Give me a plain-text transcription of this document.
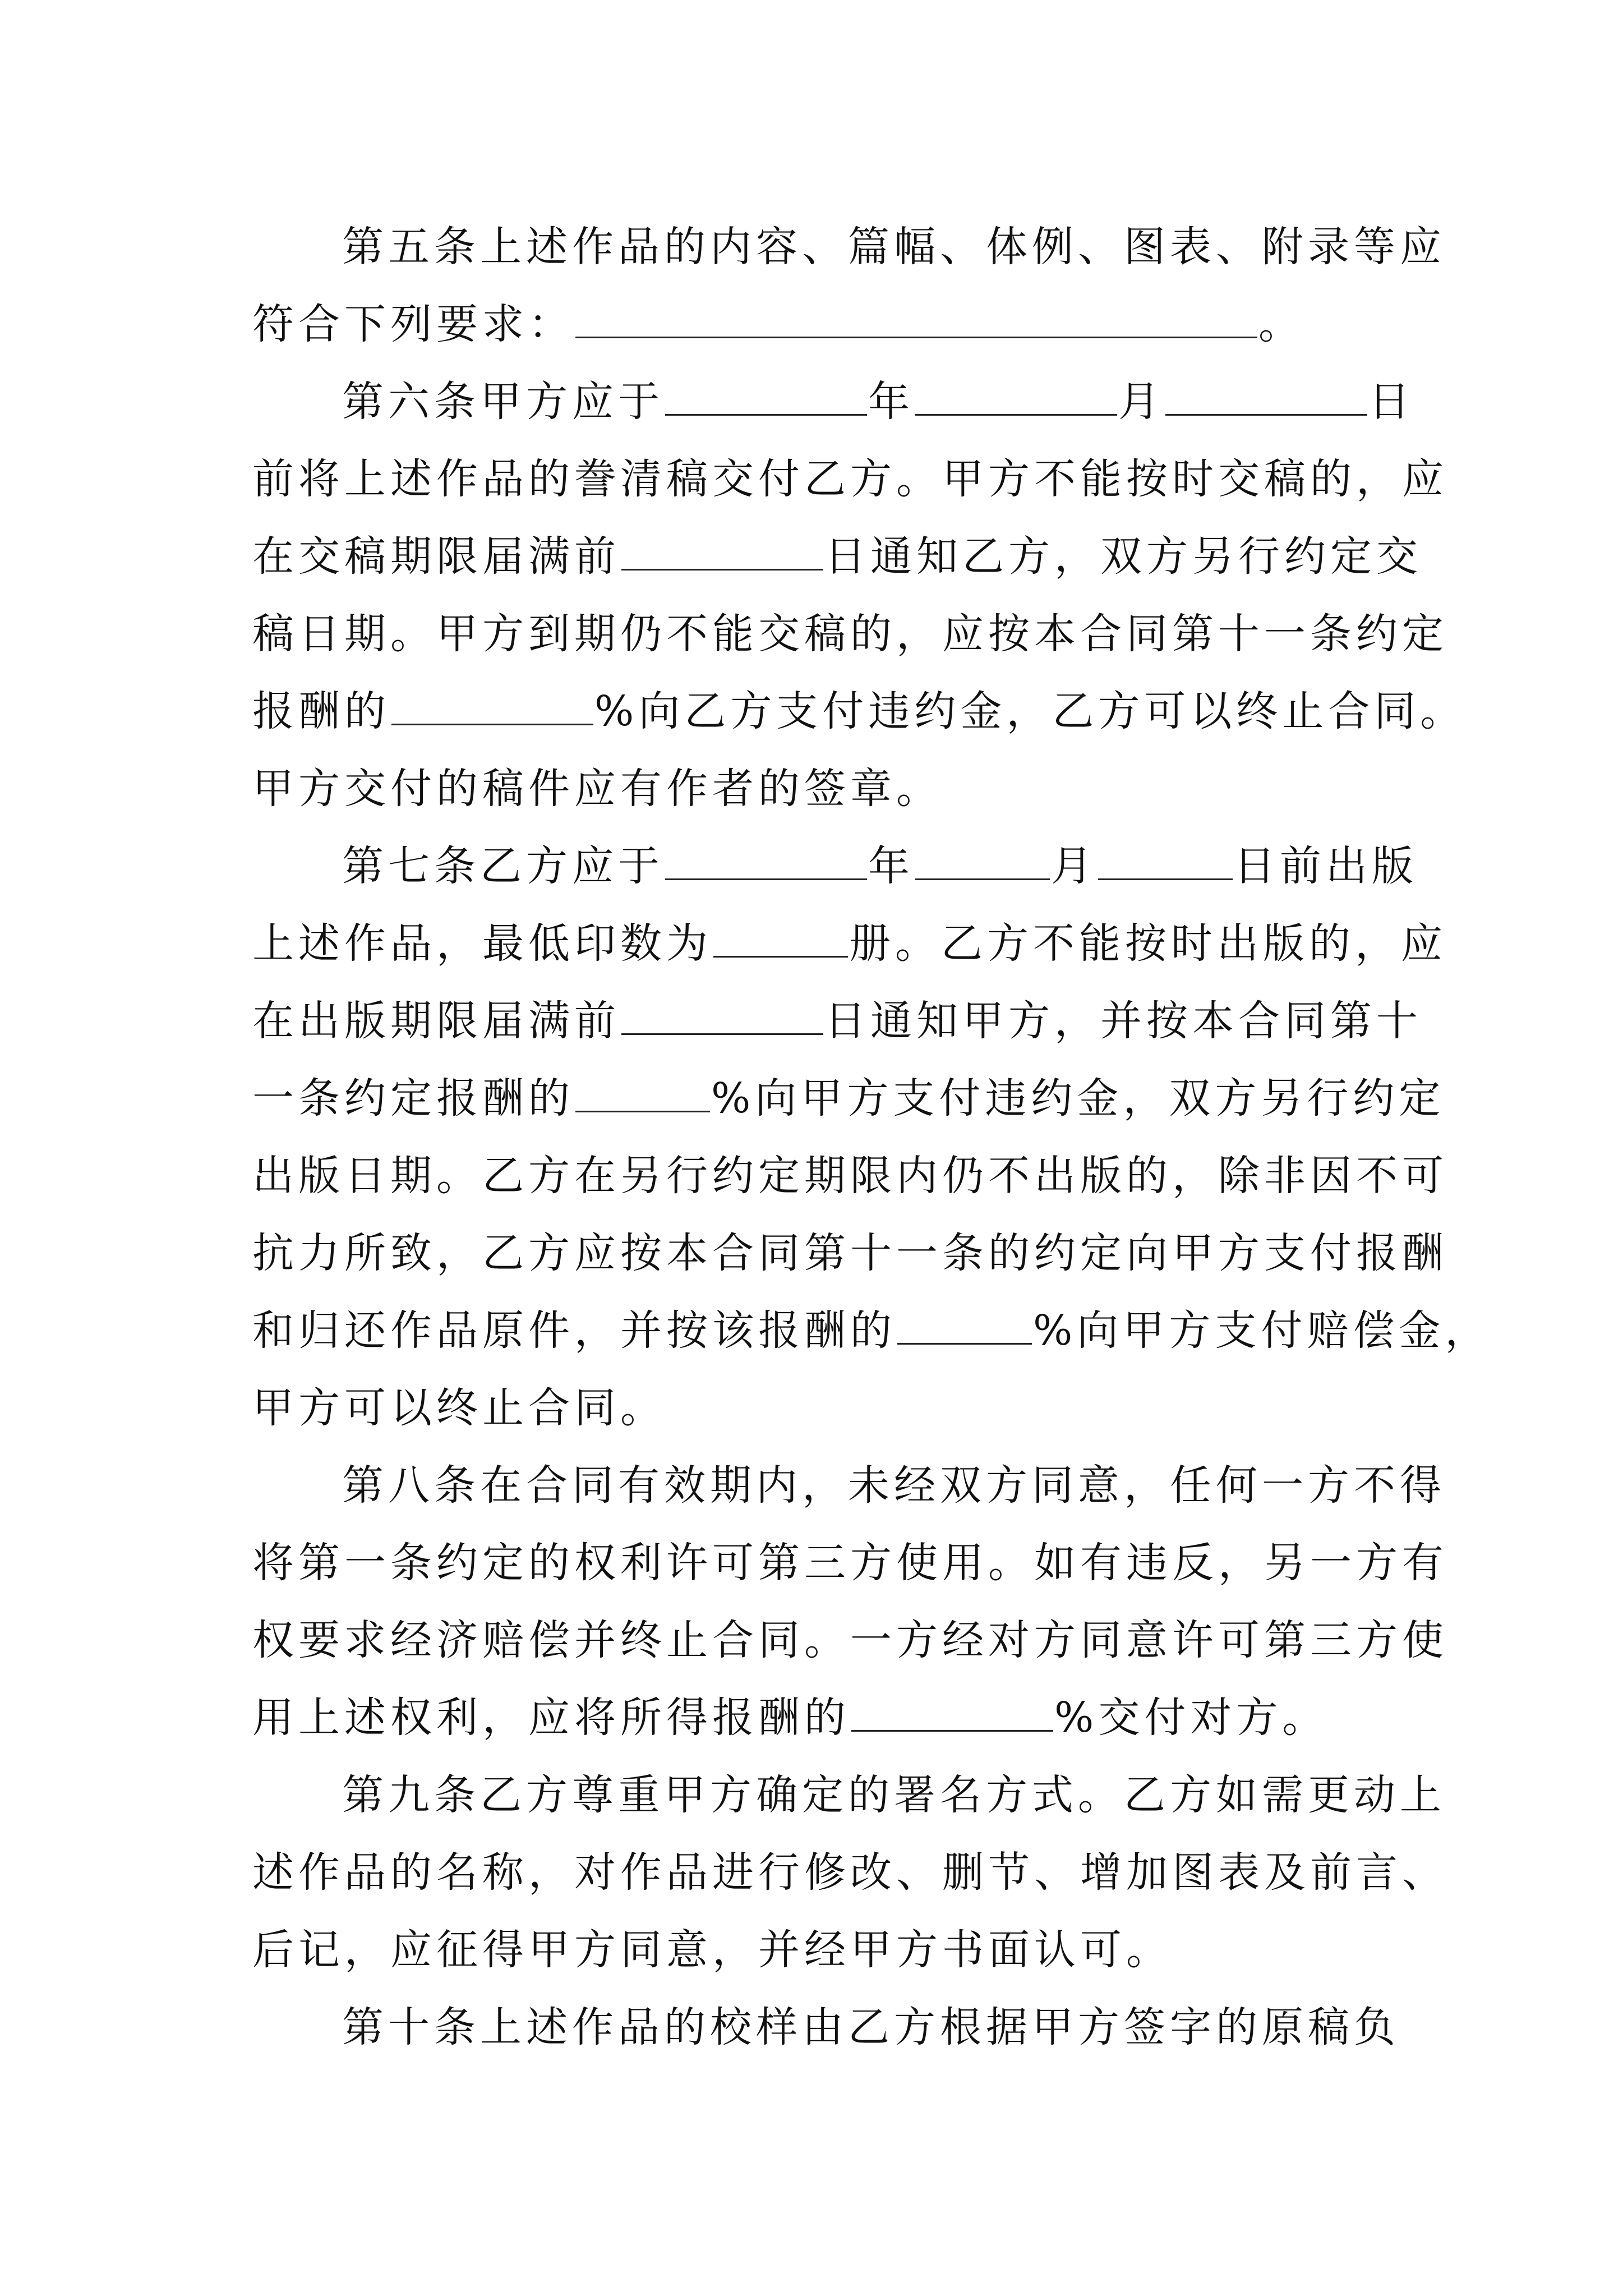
第五条上述作品的内容、篇幅、体例、图表、附录等应
符合下列要求：	。
第六条甲方应于	年	月	日
前将上述作品的誊清稿交付乙方。甲方不能按时交稿的，应
在交稿期限届满前	日通知乙方，双方另行约定交
稿日期。甲方到期仍不能交稿的，应按本合同第十一条约定
报酬的	%向乙方支付违约金，乙方可以终止合同。
甲方交付的稿件应有作者的签章。
第七条乙方应于	年	月	日前出版
上述作品，最低印数为	册。乙方不能按时出版的，应
在出版期限届满前	日通知甲方，并按本合同第十
一条约定报酬的	%向甲方支付违约金，双方另行约定
出版日期。乙方在另行约定期限内仍不出版的，除非因不可
抗力所致，乙方应按本合同第十一条的约定向甲方支付报酬
和归还作品原件，并按该报酬的	%向甲方支付赔偿金，
甲方可以终止合同。
第八条在合同有效期内，未经双方同意，任何一方不得
将第一条约定的权利许可第三方使用。如有违反，另一方有
权要求经济赔偿并终止合同。一方经对方同意许可第三方使
用上述权利，应将所得报酬的	%交付对方。
第九条乙方尊重甲方确定的署名方式。乙方如需更动上
述作品的名称，对作品进行修改、删节、增加图表及前言、
后记，应征得甲方同意，并经甲方书面认可。
第十条上述作品的校样由乙方根据甲方签字的原稿负
